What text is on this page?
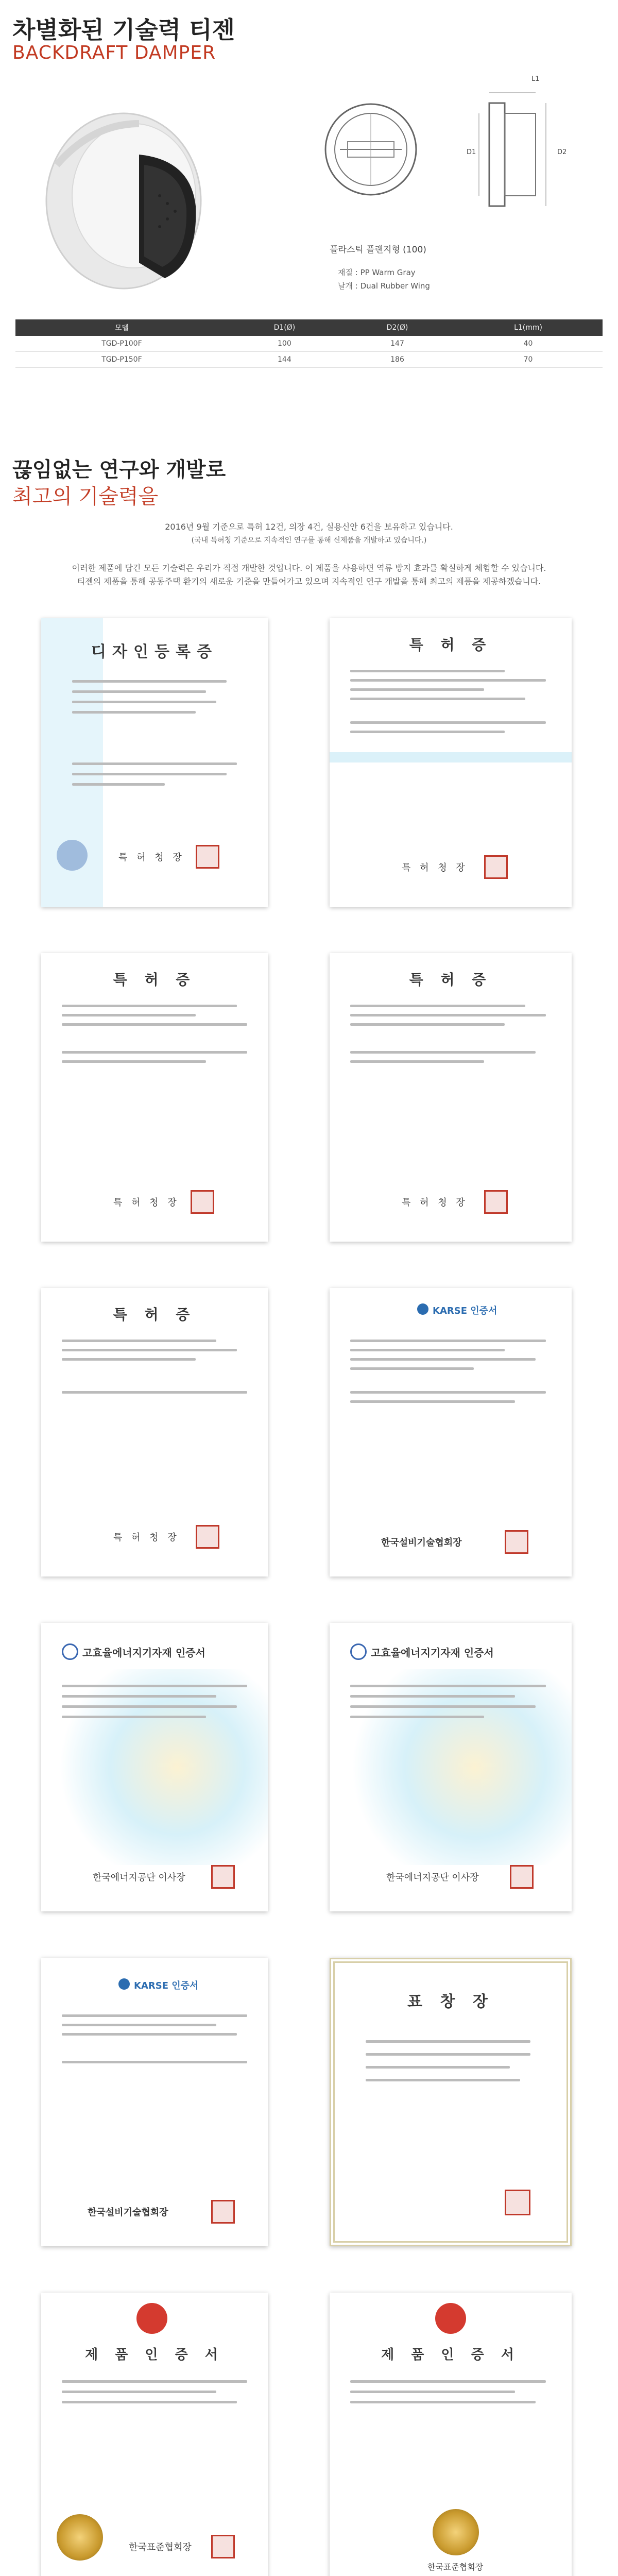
차별화된 기술력 티젠
BACKDRAFT DAMPER
D2
D1
L1
플라스틱 플랜지형 (100)
재질 : PP Warm Gray
날개 : Dual Rubber Wing
모델	D1(Ø)	D2(Ø)	L1(mm)
TGD-P100F	100	147	40
TGD-P150F	144	186	70
끊임없는 연구와 개발로
최고의 기술력을
2016년 9월 기준으로 특허 12건, 의장 4건, 실용신안 6건을 보유하고 있습니다.
(국내 특허청 기준으로 지속적인 연구를 통해 신제품을 개발하고 있습니다.)
이러한 제품에 담긴 모든 기술력은 우리가 직접 개발한 것입니다. 이 제품을 사용하면 역류 방지 효과를 확실하게 체험할 수 있습니다.
티젠의 제품을 통해 공동주택 환기의 새로운 기준을 만들어가고 있으며 지속적인 연구 개발을 통해 최고의 제품을 제공하겠습니다.
디자인등록증
특 허 청 장
특 허 증
특 허 청 장
특 허 증
특 허 청 장
특 허 증
특 허 청 장
특 허 증
특 허 청 장
KARSE 인증서
한국설비기술협회장
고효율에너지기자재 인증서
한국에너지공단 이사장
고효율에너지기자재 인증서
한국에너지공단 이사장
KARSE 인증서
한국설비기술협회장
표 창 장
제 품 인 증 서
한국표준협회장
제 품 인 증 서
한국표준협회장
